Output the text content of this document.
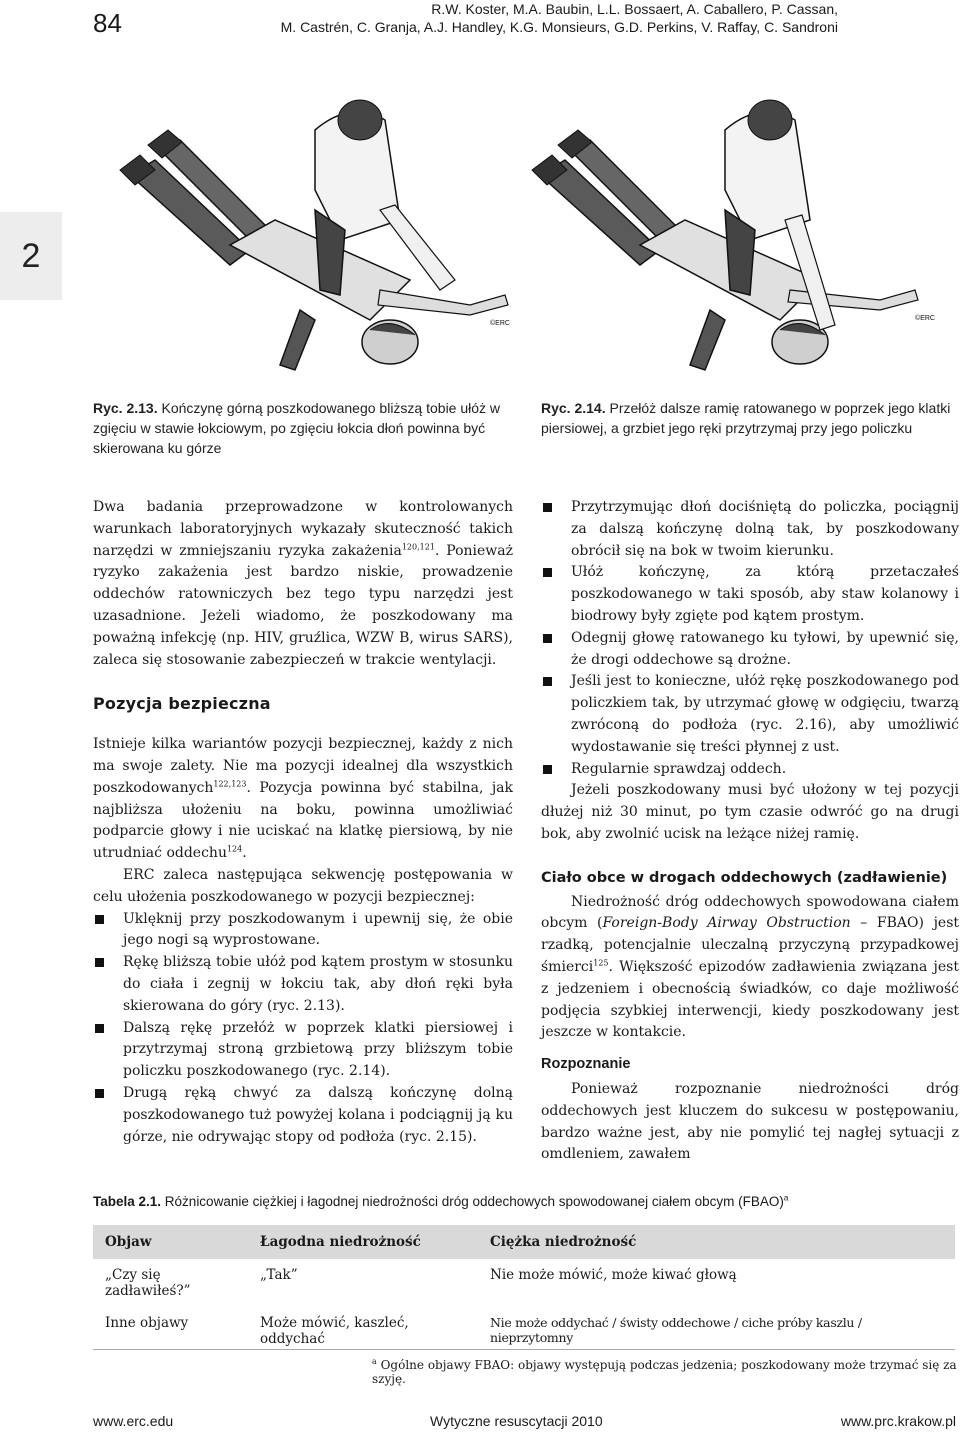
84	R.W. Koster, M.A. Baubin, L.L. Bossaert, A. Caballero, P. Cassan,
M. Castrén, C. Granja, A.J. Handley, K.G. Monsieurs, G.D. Perkins, V. Raffay, C. Sandroni
2
©ERC
©ERC
Ryc. 2.13. Kończynę górną poszkodowanego bliższą tobie ułóż w zgięciu w stawie łokciowym, po zgięciu łokcia dłoń powinna być skierowana ku górze
Ryc. 2.14. Przełóż dalsze ramię ratowanego w poprzek jego klatki piersiowej, a grzbiet jego ręki przytrzymaj przy jego policzku

Dwa badania przeprowadzone w kontrolowanych warunkach laboratoryjnych wykazały skuteczność takich narzędzi w zmniejszaniu ryzyka zakażenia$^{120,121}$. Ponieważ ryzyko zakażenia jest bardzo niskie, prowadzenie oddechów ratowniczych bez tego typu narzędzi jest uzasadnione. Jeżeli wiadomo, że poszkodowany ma poważną infekcję (np. HIV, gruźlica, WZW B, wirus SARS), zaleca się stosowanie zabezpieczeń w trakcie wentylacji.

Pozycja bezpieczna

Istnieje kilka wariantów pozycji bezpiecznej, każdy z nich ma swoje zalety. Nie ma pozycji idealnej dla wszystkich poszkodowanych$^{122,123}$. Pozycja powinna być stabilna, jak najbliższa ułożeniu na boku, powinna umożliwiać podparcie głowy i nie uciskać na klatkę piersiową, by nie utrudniać oddechu$^{124}$.

ERC zaleca następująca sekwencję postępowania w celu ułożenia poszkodowanego w pozycji bezpiecznej:

Uklęknij przy poszkodowanym i upewnij się, że obie jego nogi są wyprostowane.
Rękę bliższą tobie ułóż pod kątem prostym w stosunku do ciała i zegnij w łokciu tak, aby dłoń ręki była skierowana do góry (ryc. 2.13).
Dalszą rękę przełóż w poprzek klatki piersiowej i przytrzymaj stroną grzbietową przy bliższym tobie policzku poszkodowanego (ryc. 2.14).
Drugą ręką chwyć za dalszą kończynę dolną poszkodowanego tuż powyżej kolana i podciągnij ją ku górze, nie odrywając stopy od podłoża (ryc. 2.15).
Przytrzymując dłoń dociśniętą do policzka, pociągnij za dalszą kończynę dolną tak, by poszkodowany obrócił się na bok w twoim kierunku.
Ułóż kończynę, za którą przetaczałeś poszkodowanego w taki sposób, aby staw kolanowy i biodrowy były zgięte pod kątem prostym.
Odegnij głowę ratowanego ku tyłowi, by upewnić się, że drogi oddechowe są drożne.
Jeśli jest to konieczne, ułóż rękę poszkodowanego pod policzkiem tak, by utrzymać głowę w odgięciu, twarzą zwróconą do podłoża (ryc. 2.16), aby umożliwić wydostawanie się treści płynnej z ust.
Regularnie sprawdzaj oddech.

Jeżeli poszkodowany musi być ułożony w tej pozycji dłużej niż 30 minut, po tym czasie odwróć go na drugi bok, aby zwolnić ucisk na leżące niżej ramię.

Ciało obce w drogach oddechowych (zadławienie)

Niedrożność dróg oddechowych spowodowana ciałem obcym (Foreign-Body Airway Obstruction – FBAO) jest rzadką, potencjalnie uleczalną przyczyną przypadkowej śmierci$^{125}$. Większość epizodów zadławienia związana jest z jedzeniem i obecnością świadków, co daje możliwość podjęcia szybkiej interwencji, kiedy poszkodowany jest jeszcze w kontakcie.

Rozpoznanie

Ponieważ rozpoznanie niedrożności dróg oddechowych jest kluczem do sukcesu w postępowaniu, bardzo ważne jest, aby nie pomylić tej nagłej sytuacji z omdleniem, zawałem

Tabela 2.1. Różnicowanie ciężkiej i łagodnej niedrożności dróg oddechowych spowodowanej ciałem obcym (FBAO)$^a$
Objaw	Łagodna niedrożność	Ciężka niedrożność
„Czy się zadławiłeś?”	„Tak”	Nie może mówić, może kiwać głową
Inne objawy	Może mówić, kaszleć, oddychać	Nie może oddychać / świsty oddechowe / ciche próby kaszlu / nieprzytomny
$^a$ Ogólne objawy FBAO: objawy występują podczas jedzenia; poszkodowany może trzymać się za szyję.
www.erc.edu	Wytyczne resuscytacji 2010	www.prc.krakow.pl
